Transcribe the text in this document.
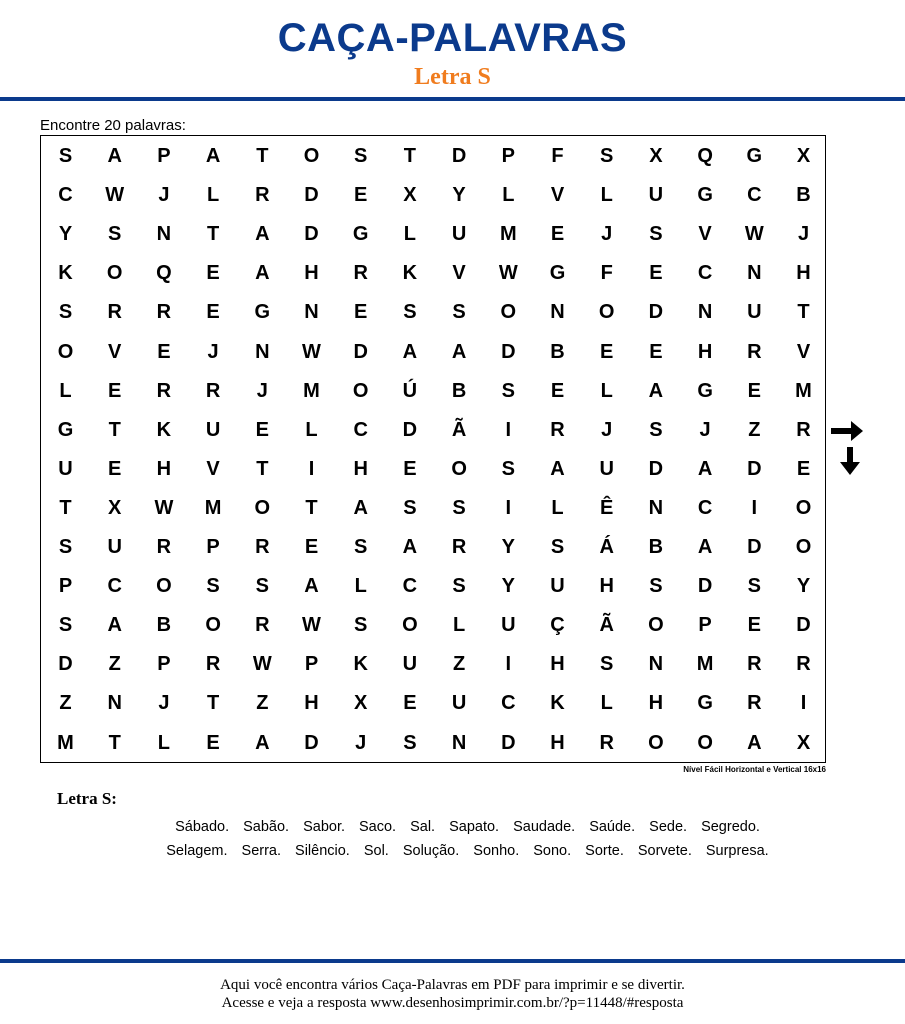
CAÇA-PALAVRAS
Letra S
Encontre 20 palavras:
S	A	P	A	T	O	S	T	D	P	F	S	X	Q	G	X
C	W	J	L	R	D	E	X	Y	L	V	L	U	G	C	B
Y	S	N	T	A	D	G	L	U	M	E	J	S	V	W	J
K	O	Q	E	A	H	R	K	V	W	G	F	E	C	N	H
S	R	R	E	G	N	E	S	S	O	N	O	D	N	U	T
O	V	E	J	N	W	D	A	A	D	B	E	E	H	R	V
L	E	R	R	J	M	O	Ú	B	S	E	L	A	G	E	M
G	T	K	U	E	L	C	D	Ã	I	R	J	S	J	Z	R
U	E	H	V	T	I	H	E	O	S	A	U	D	A	D	E
T	X	W	M	O	T	A	S	S	I	L	Ê	N	C	I	O
S	U	R	P	R	E	S	A	R	Y	S	Á	B	A	D	O
P	C	O	S	S	A	L	C	S	Y	U	H	S	D	S	Y
S	A	B	O	R	W	S	O	L	U	Ç	Ã	O	P	E	D
D	Z	P	R	W	P	K	U	Z	I	H	S	N	M	R	R
Z	N	J	T	Z	H	X	E	U	C	K	L	H	G	R	I
M	T	L	E	A	D	J	S	N	D	H	R	O	O	A	X
Nível Fácil Horizontal e Vertical 16x16
Letra S:
Sábado. Sabão. Sabor. Saco. Sal. Sapato. Saudade. Saúde. Sede. Segredo.
Selagem. Serra. Silêncio. Sol. Solução. Sonho. Sono. Sorte. Sorvete. Surpresa.
Aqui você encontra vários Caça-Palavras em PDF para imprimir e se divertir.
Acesse e veja a resposta www.desenhosimprimir.com.br/?p=11448/#resposta
